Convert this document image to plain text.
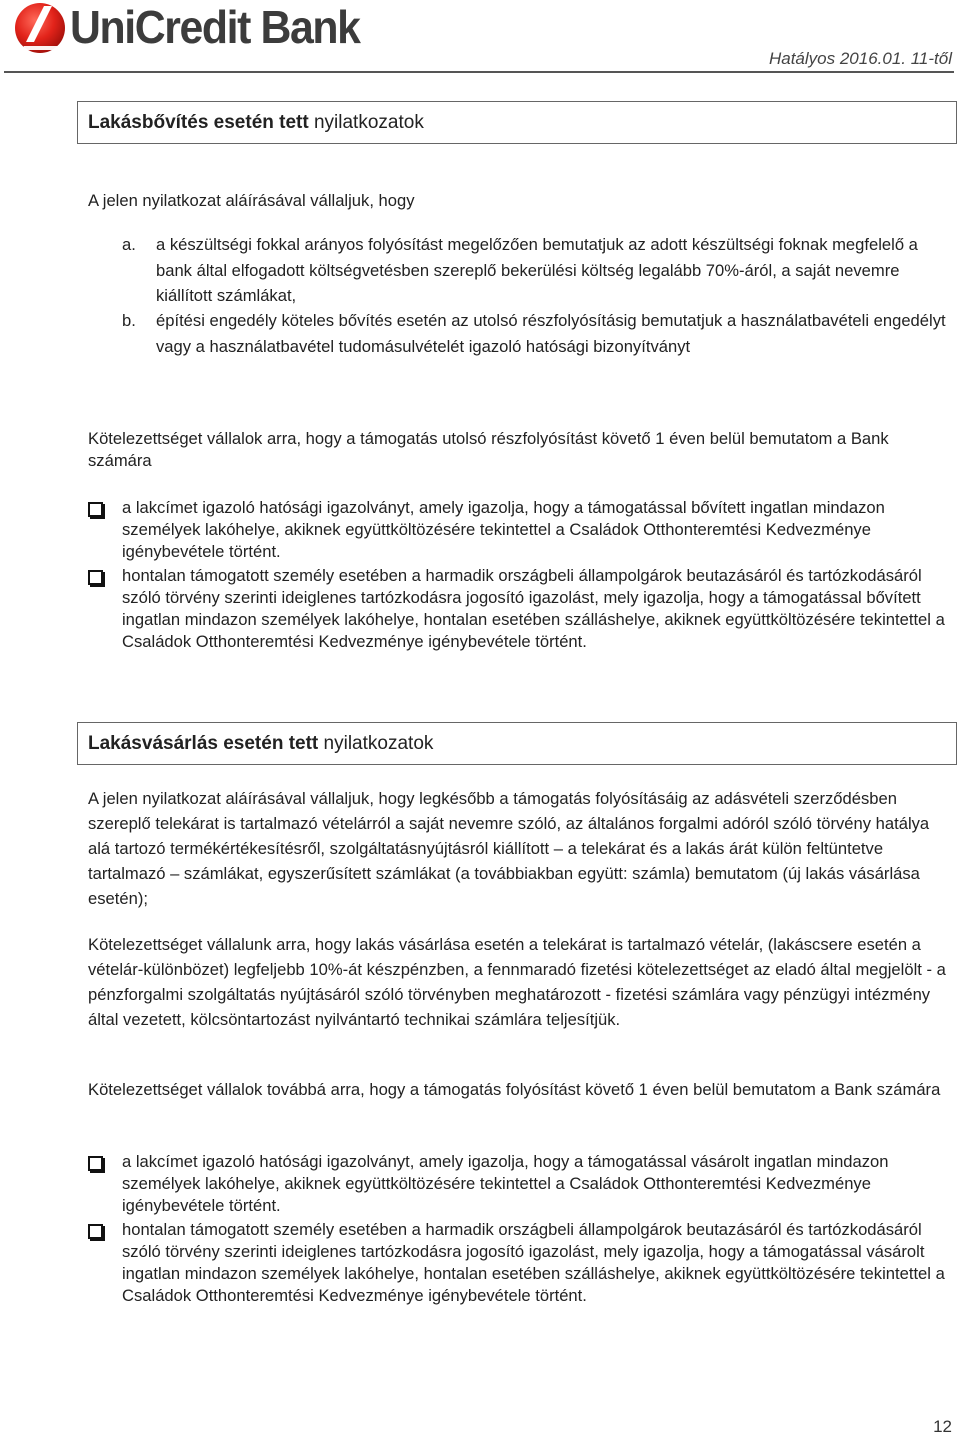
UniCredit Bank
Hatályos 2016.01. 11-től
Lakásbővítés esetén tett nyilatkozatok
A jelen nyilatkozat aláírásával vállaljuk, hogy
a. a készültségi fokkal arányos folyósítást megelőzően bemutatjuk az adott készültségi foknak megfelelő a bank által elfogadott költségvetésben szereplő bekerülési költség legalább 70%-áról, a saját nevemre kiállított számlákat,
b. építési engedély köteles bővítés esetén az utolsó részfolyósításig bemutatjuk a használatbavételi engedélyt vagy a használatbavétel tudomásulvételét igazoló hatósági bizonyítványt
Kötelezettséget vállalok arra, hogy a támogatás utolsó részfolyósítást követő 1 éven belül bemutatom a Bank számára
a lakcímet igazoló hatósági igazolványt, amely igazolja, hogy a támogatással bővített ingatlan mindazon személyek lakóhelye, akiknek együttköltözésére tekintettel a Családok Otthonteremtési Kedvezménye igénybevétele történt.
hontalan támogatott személy esetében a harmadik országbeli állampolgárok beutazásáról és tartózkodásáról szóló törvény szerinti ideiglenes tartózkodásra jogosító igazolást, mely igazolja, hogy a támogatással bővített ingatlan mindazon személyek lakóhelye, hontalan esetében szálláshelye, akiknek együttköltözésére tekintettel a Családok Otthonteremtési Kedvezménye igénybevétele történt.
Lakásvásárlás esetén tett nyilatkozatok
A jelen nyilatkozat aláírásával vállaljuk, hogy legkésőbb a támogatás folyósításáig az adásvételi szerződésben szereplő telekárat is tartalmazó vételárról a saját nevemre szóló, az általános forgalmi adóról szóló törvény hatálya alá tartozó termékértékesítésről, szolgáltatásnyújtásról kiállított – a telekárat és a lakás árát külön feltüntetve tartalmazó – számlákat, egyszerűsített számlákat (a továbbiakban együtt: számla) bemutatom (új lakás vásárlása esetén);
Kötelezettséget vállalunk arra, hogy lakás vásárlása esetén a telekárat is tartalmazó vételár, (lakáscsere esetén a vételár-különbözet) legfeljebb 10%-át készpénzben, a fennmaradó fizetési kötelezettséget az eladó által megjelölt - a pénzforgalmi szolgáltatás nyújtásáról szóló törvényben meghatározott - fizetési számlára vagy pénzügyi intézmény által vezetett, kölcsöntartozást nyilvántartó technikai számlára teljesítjük.
Kötelezettséget vállalok továbbá arra, hogy a támogatás folyósítást követő 1 éven belül bemutatom a Bank számára
a lakcímet igazoló hatósági igazolványt, amely igazolja, hogy a támogatással vásárolt ingatlan mindazon személyek lakóhelye, akiknek együttköltözésére tekintettel a Családok Otthonteremtési Kedvezménye igénybevétele történt.
hontalan támogatott személy esetében a harmadik országbeli állampolgárok beutazásáról és tartózkodásáról szóló törvény szerinti ideiglenes tartózkodásra jogosító igazolást, mely igazolja, hogy a támogatással vásárolt ingatlan mindazon személyek lakóhelye, hontalan esetében szálláshelye, akiknek együttköltözésére tekintettel a Családok Otthonteremtési Kedvezménye igénybevétele történt.
12
